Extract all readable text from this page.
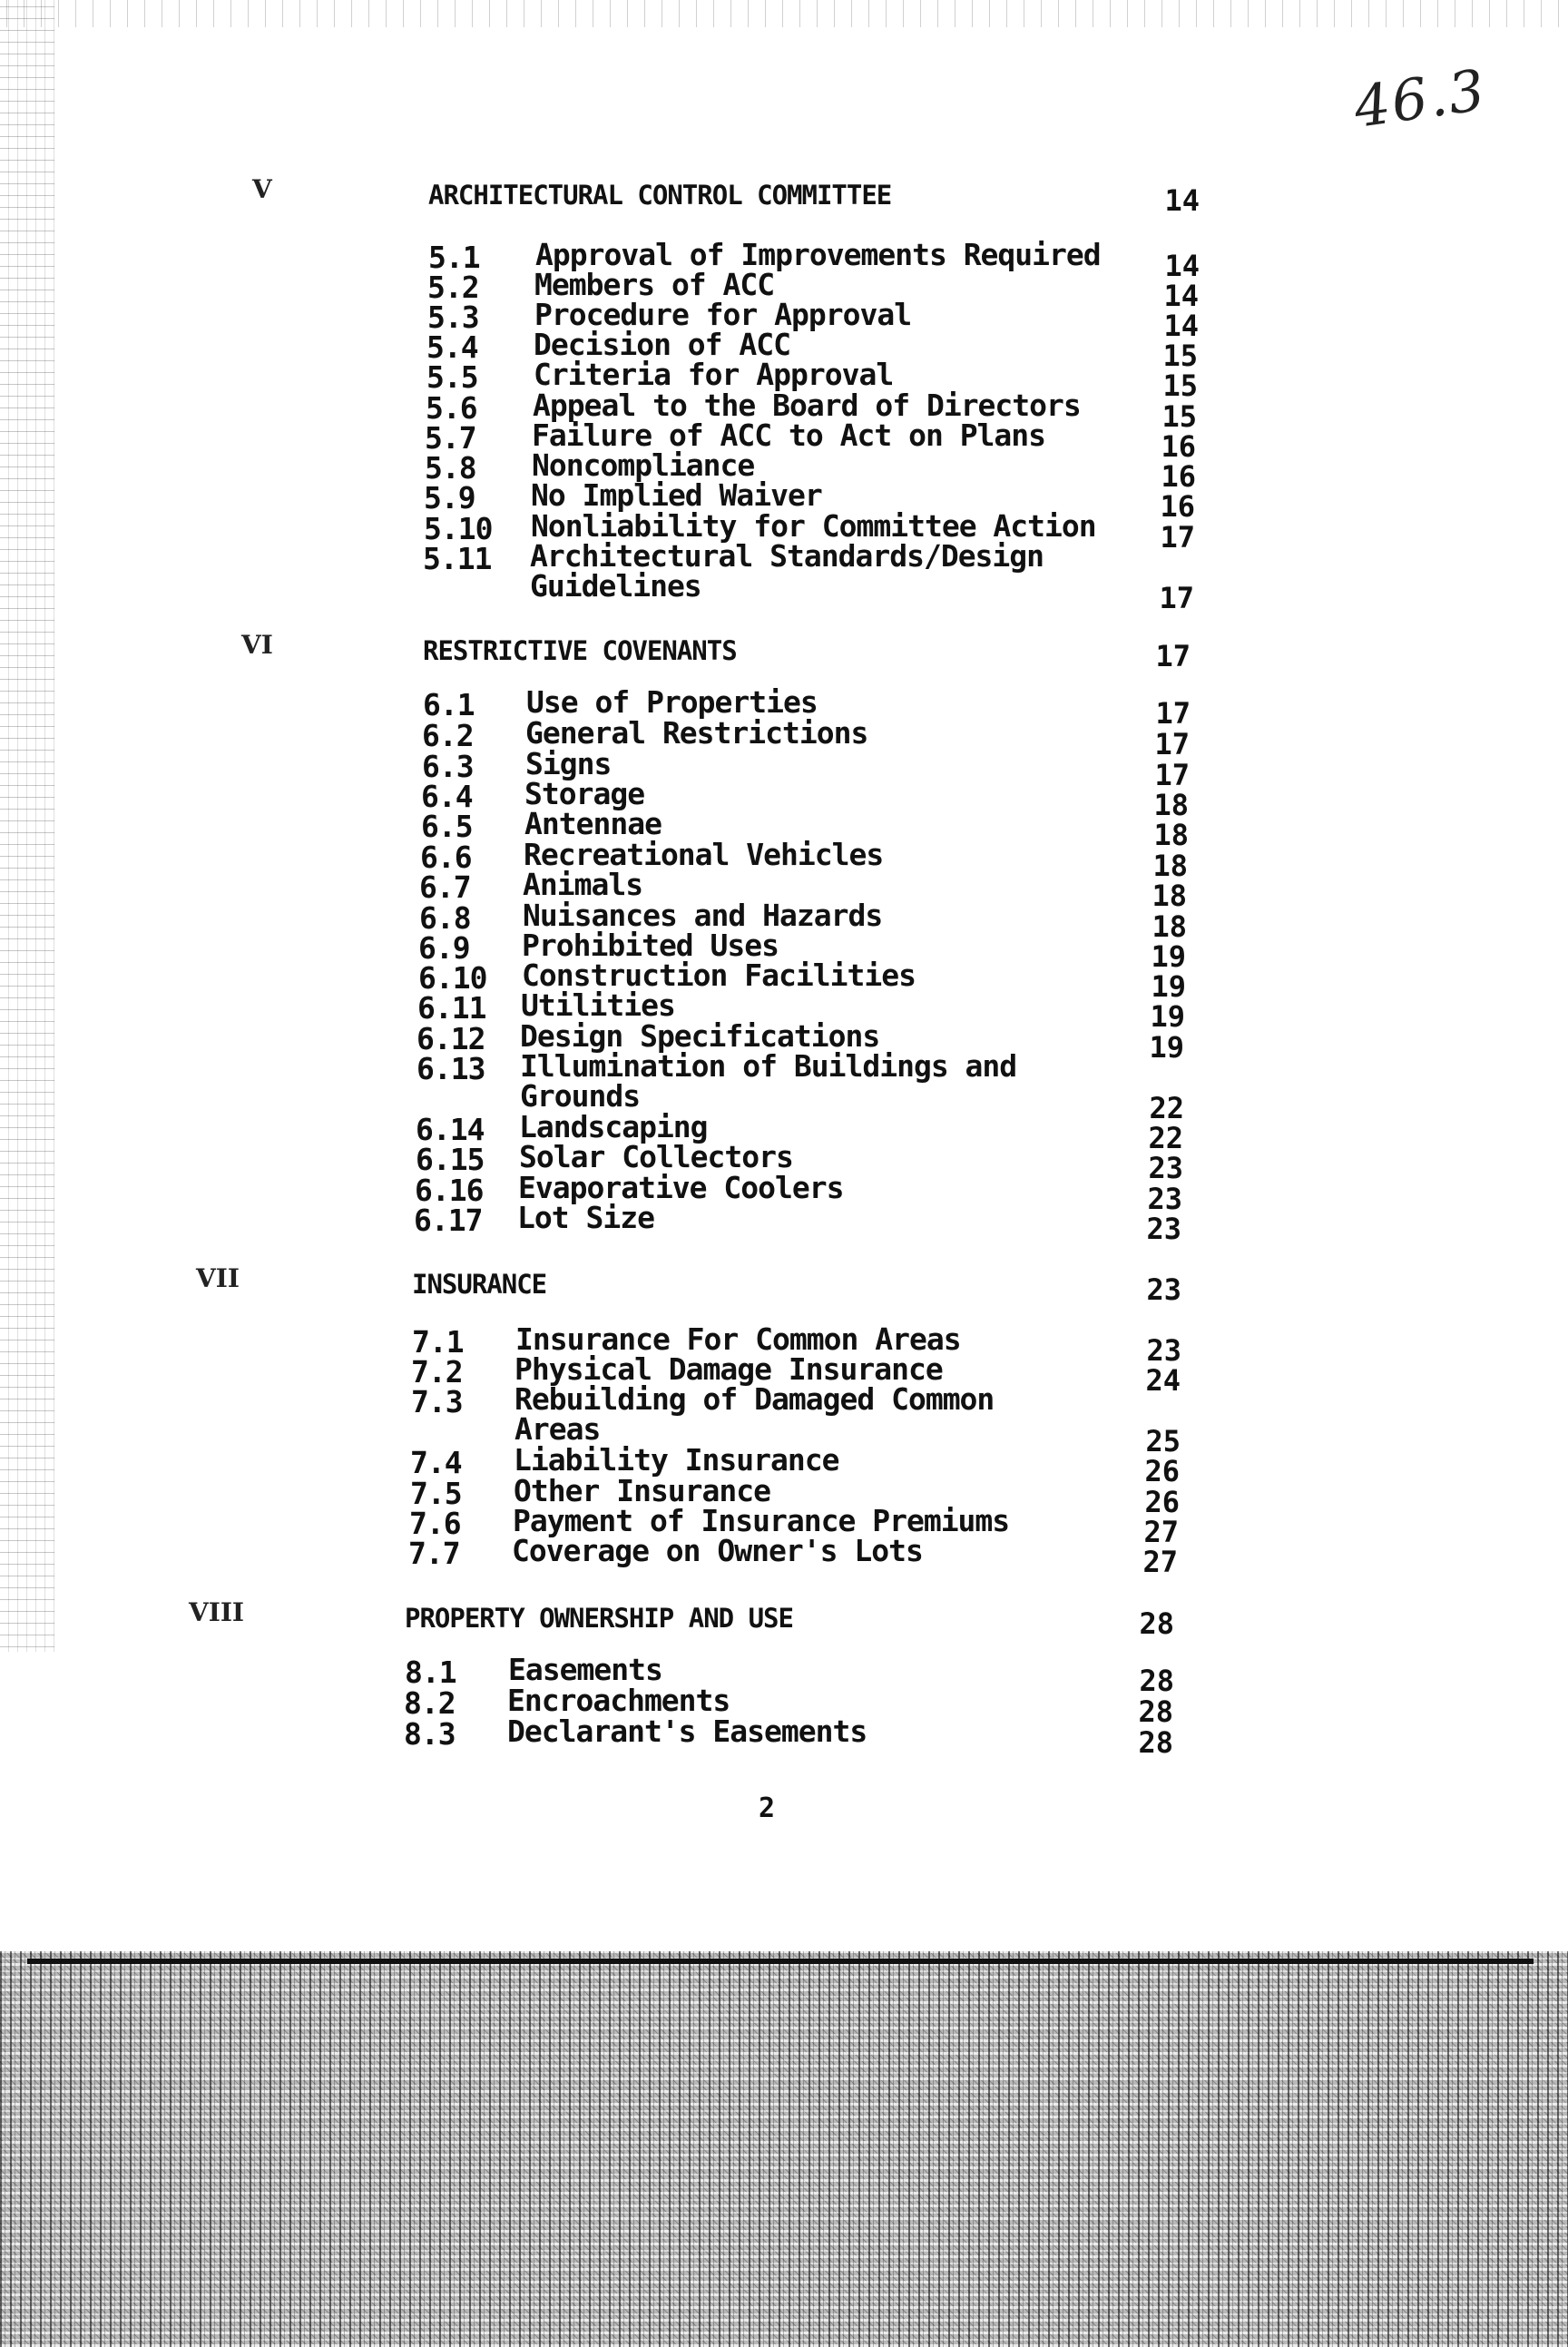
46.3
V	ARCHITECTURAL CONTROL COMMITTEE	14
5.1 Approval of Improvements Required	14
5.2 Members of ACC	14
5.3 Procedure for Approval	14
5.4 Decision of ACC	15
5.5 Criteria for Approval	15
5.6 Appeal to the Board of Directors	15
5.7 Failure of ACC to Act on Plans	16
5.8 Noncompliance	16
5.9 No Implied Waiver	16
5.10 Nonliability for Committee Action	17
5.11 Architectural Standards/Design
Guidelines	17
VI	RESTRICTIVE COVENANTS	17
6.1 Use of Properties	17
6.2 General Restrictions	17
6.3 Signs	17
6.4 Storage	18
6.5 Antennae	18
6.6 Recreational Vehicles	18
6.7 Animals	18
6.8 Nuisances and Hazards	18
6.9 Prohibited Uses	19
6.10 Construction Facilities	19
6.11 Utilities	19
6.12 Design Specifications	19
6.13 Illumination of Buildings and
Grounds	22
6.14 Landscaping	22
6.15 Solar Collectors	23
6.16 Evaporative Coolers	23
6.17 Lot Size	23
VII	INSURANCE	23
7.1 Insurance For Common Areas	23
7.2 Physical Damage Insurance	24
7.3 Rebuilding of Damaged Common
Areas	25
7.4 Liability Insurance	26
7.5 Other Insurance	26
7.6 Payment of Insurance Premiums	27
7.7 Coverage on Owner's Lots	27
VIII	PROPERTY OWNERSHIP AND USE	28
8.1 Easements	28
8.2 Encroachments	28
8.3 Declarant's Easements	28
2
